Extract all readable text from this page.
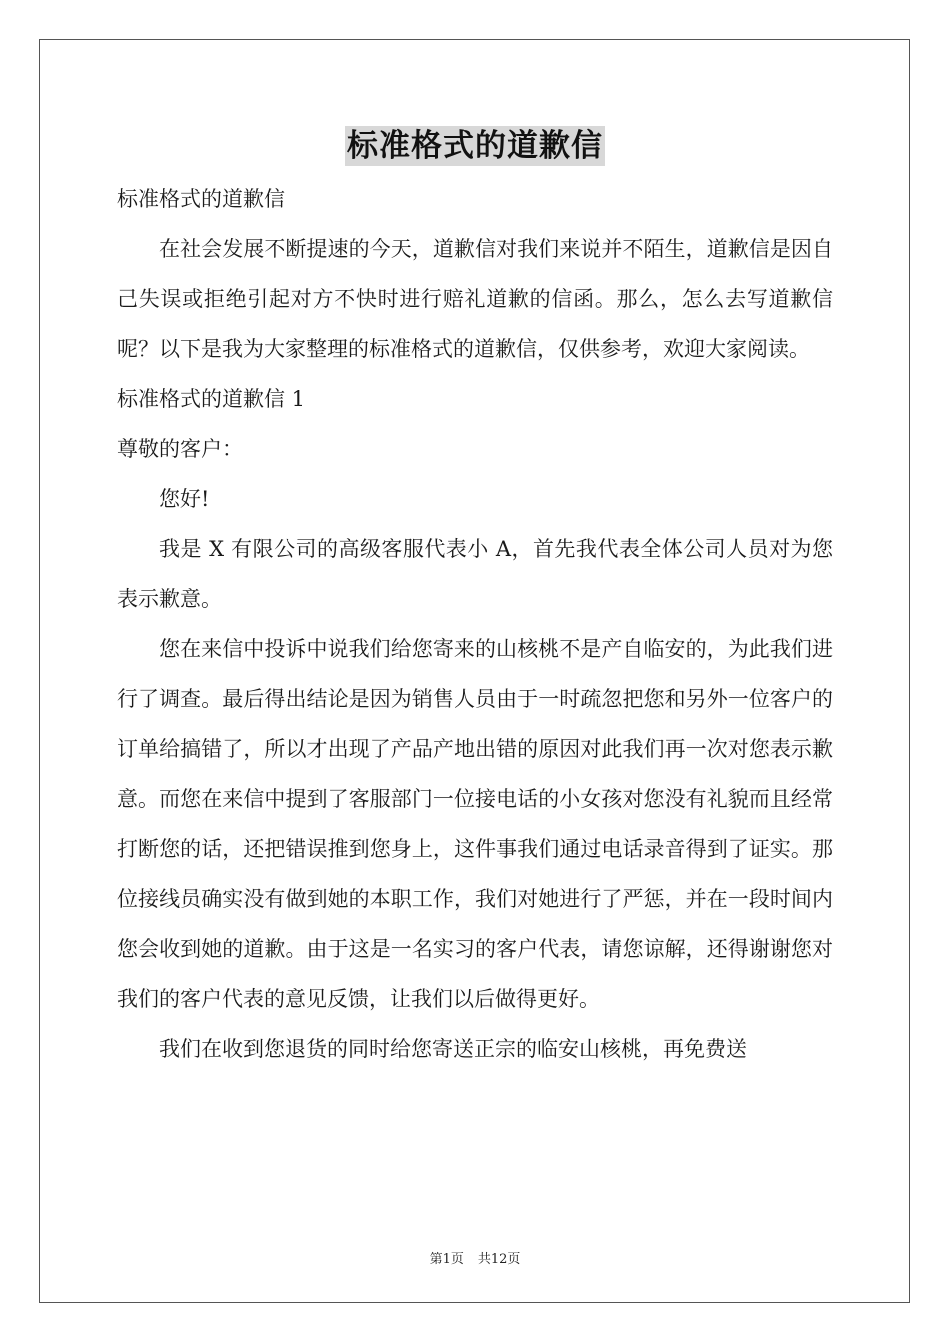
标准格式的道歉信

标准格式的道歉信

在社会发展不断提速的今天，道歉信对我们来说并不陌生，道歉信是因自己失误或拒绝引起对方不快时进行赔礼道歉的信函。那么，怎么去写道歉信呢？以下是我为大家整理的标准格式的道歉信，仅供参考，欢迎大家阅读。

标准格式的道歉信 1

尊敬的客户：

您好!

我是 X 有限公司的高级客服代表小 A，首先我代表全体公司人员对为您表示歉意。

您在来信中投诉中说我们给您寄来的山核桃不是产自临安的，为此我们进行了调查。最后得出结论是因为销售人员由于一时疏忽把您和另外一位客户的订单给搞错了，所以才出现了产品产地出错的原因对此我们再一次对您表示歉意。而您在来信中提到了客服部门一位接电话的小女孩对您没有礼貌而且经常打断您的话，还把错误推到您身上，这件事我们通过电话录音得到了证实。那位接线员确实没有做到她的本职工作，我们对她进行了严惩，并在一段时间内您会收到她的道歉。由于这是一名实习的客户代表，请您谅解，还得谢谢您对我们的客户代表的意见反馈，让我们以后做得更好。

我们在收到您退货的同时给您寄送正宗的临安山核桃，再免费送

第1页 共12页
